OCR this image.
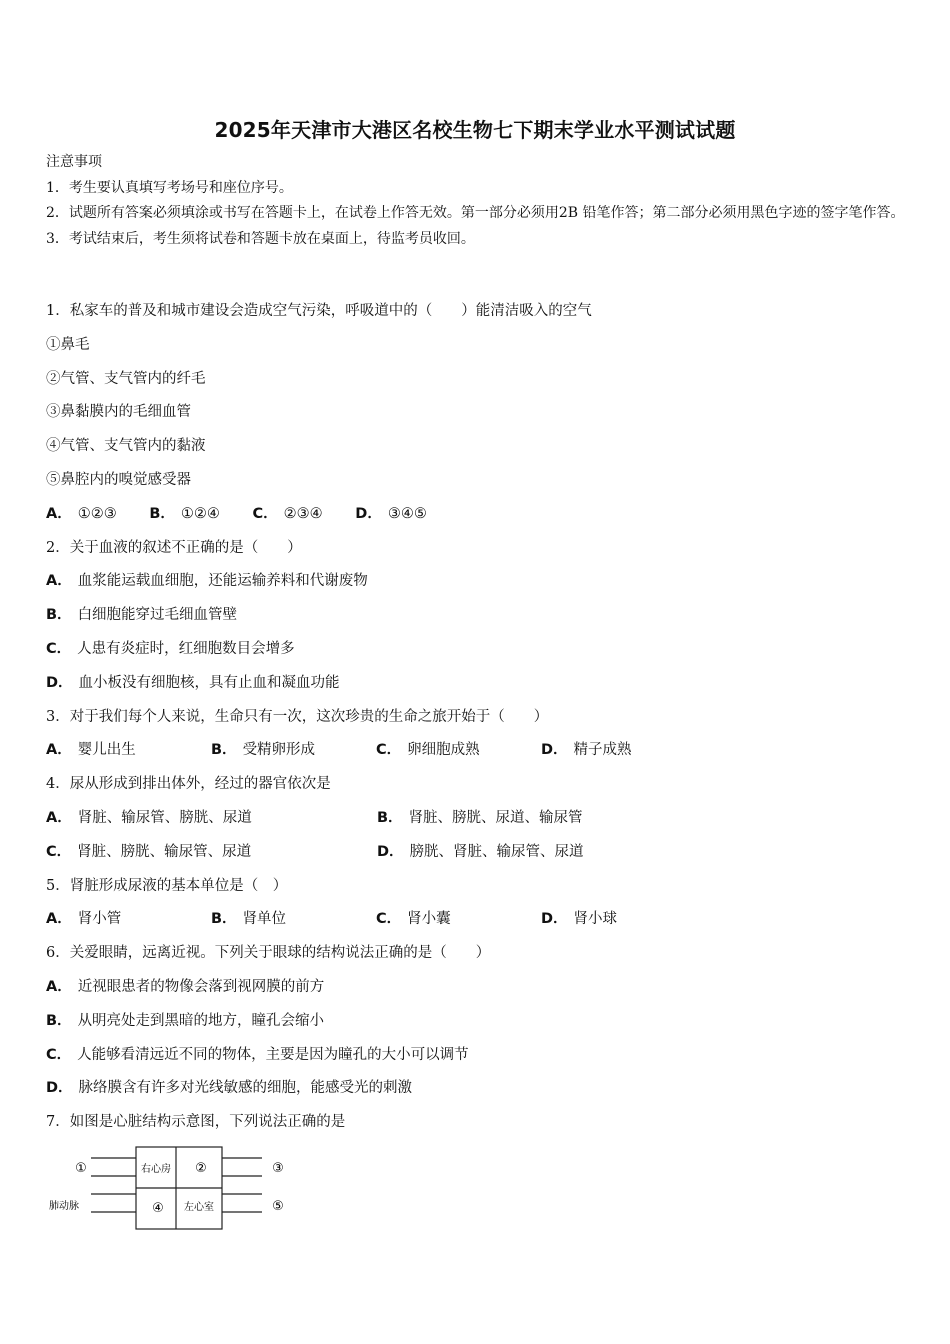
2025年天津市大港区名校生物七下期末学业水平测试试题

注意事项

1．考生要认真填写考场号和座位序号。

2．试题所有答案必须填涂或书写在答题卡上，在试卷上作答无效。第一部分必须用2B 铅笔作答；第二部分必须用黑色字迹的签字笔作答。

3．考试结束后，考生须将试卷和答题卡放在桌面上，待监考员收回。

1．私家车的普及和城市建设会造成空气污染，呼吸道中的（　　）能清洁吸入的空气
①鼻毛
②气管、支气管内的纤毛
③鼻黏膜内的毛细血管
④气管、支气管内的黏液
⑤鼻腔内的嗅觉感受器
A． ①②③ B． ①②④ C． ②③④ D． ③④⑤
2．关于血液的叙述不正确的是（　　）
A． 血浆能运载血细胞，还能运输养料和代谢废物
B． 白细胞能穿过毛细血管壁
C． 人患有炎症时，红细胞数目会增多
D． 血小板没有细胞核，具有止血和凝血功能
3．对于我们每个人来说，生命只有一次，这次珍贵的生命之旅开始于（　　）
A． 婴儿出生	B． 受精卵形成	C． 卵细胞成熟	D． 精子成熟
4．尿从形成到排出体外，经过的器官依次是
A． 肾脏、输尿管、膀胱、尿道	B． 肾脏、膀胱、尿道、输尿管
C． 肾脏、膀胱、输尿管、尿道	D． 膀胱、肾脏、输尿管、尿道
5．肾脏形成尿液的基本单位是（　）
A． 肾小管	B． 肾单位	C． 肾小囊	D． 肾小球
6．关爱眼睛，远离近视。下列关于眼球的结构说法正确的是（　　）
A． 近视眼患者的物像会落到视网膜的前方
B． 从明亮处走到黑暗的地方，瞳孔会缩小
C． 人能够看清远近不同的物体，主要是因为瞳孔的大小可以调节
D． 脉络膜含有许多对光线敏感的细胞，能感受光的刺激
7．如图是心脏结构示意图，下列说法正确的是
①	②	③
④	⑤
右心房
左心室
肺动脉
